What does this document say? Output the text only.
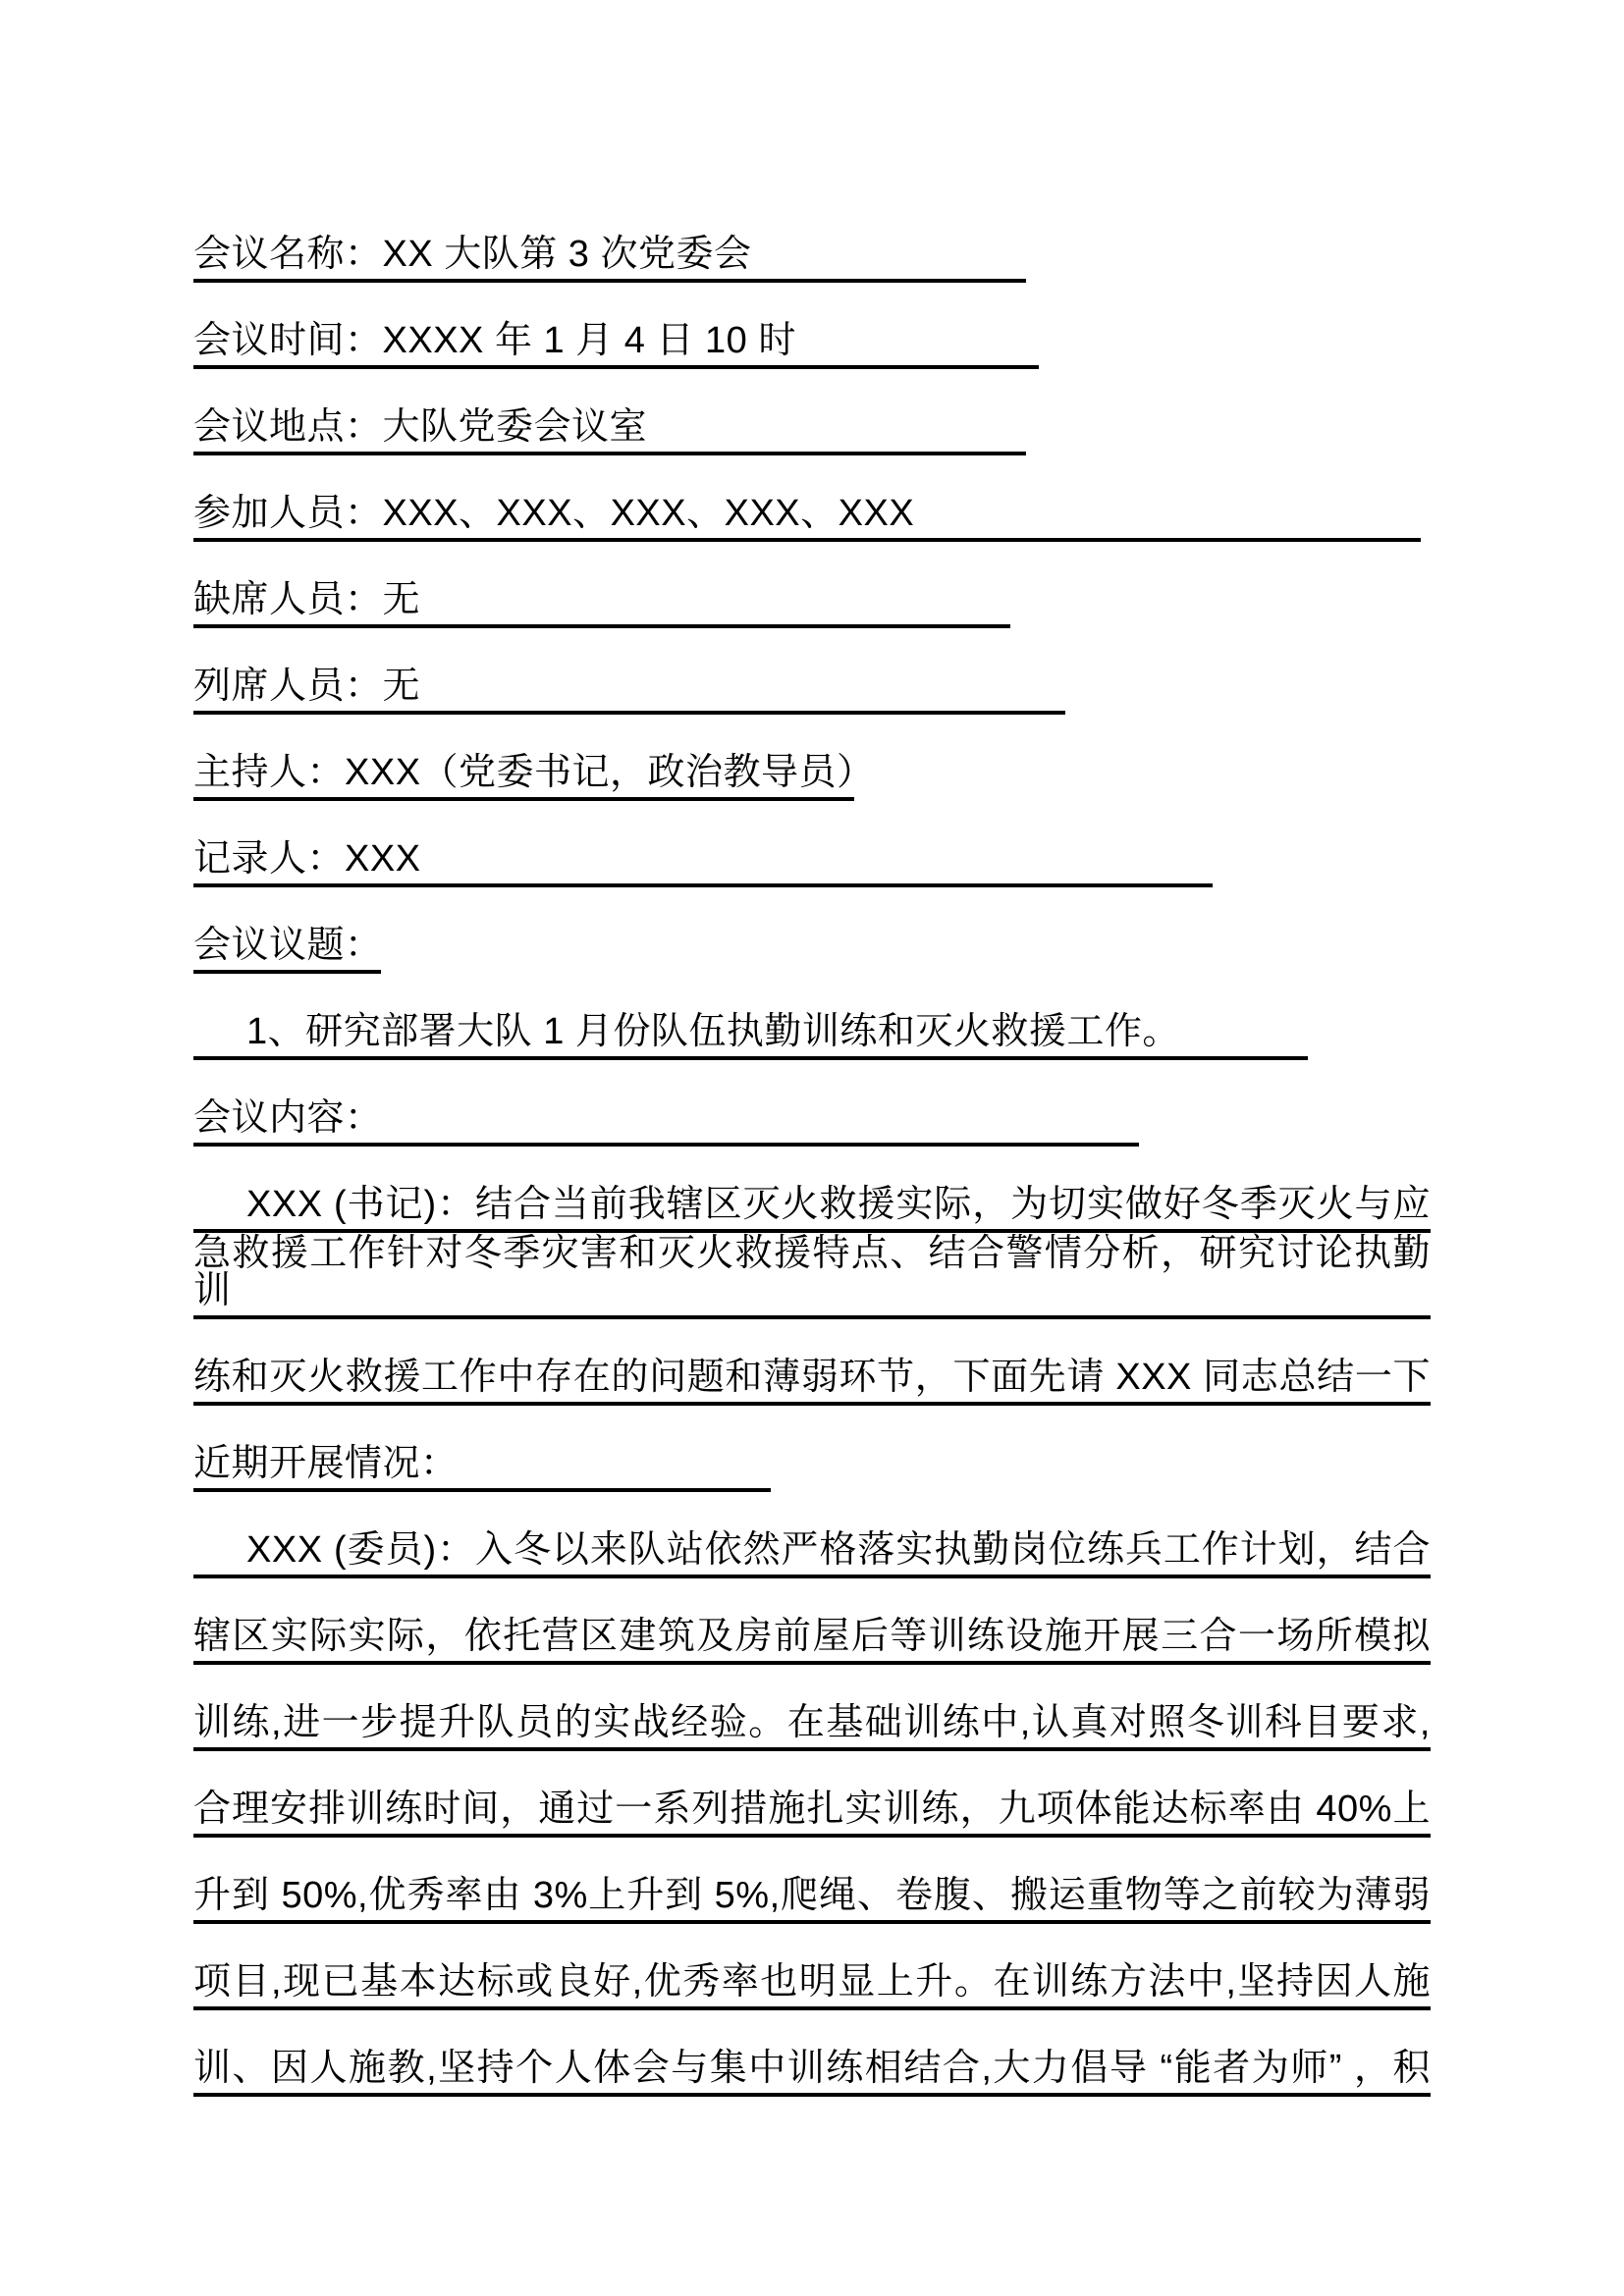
会议名称：XX 大队第 3 次党委会
会议时间：XXXX 年 1 月 4 日 10 时
会议地点：大队党委会议室
参加人员：XXX、XXX、XXX、XXX、XXX
缺席人员：无
列席人员：无
主持人：XXX（党委书记，政治教导员）
记录人：XXX
会议议题：
1、研究部署大队 1 月份队伍执勤训练和灭火救援工作。
会议内容：
XXX (书记)：结合当前我辖区灭火救援实际，为切实做好冬季灭火与应
急救援工作针对冬季灾害和灭火救援特点、结合警情分析，研究讨论执勤训
练和灭火救援工作中存在的问题和薄弱环节，下面先请 XXX 同志总结一下
近期开展情况：
XXX (委员)：入冬以来队站依然严格落实执勤岗位练兵工作计划，结合
辖区实际实际，依托营区建筑及房前屋后等训练设施开展三合一场所模拟
训练,进一步提升队员的实战经验。在基础训练中,认真对照冬训科目要求,
合理安排训练时间，通过一系列措施扎实训练，九项体能达标率由 40%上
升到 50%,优秀率由 3%上升到 5%,爬绳、卷腹、搬运重物等之前较为薄弱
项目,现已基本达标或良好,优秀率也明显上升。在训练方法中,坚持因人施
训、因人施教,坚持个人体会与集中训练相结合,大力倡导 “能者为师” ，积
